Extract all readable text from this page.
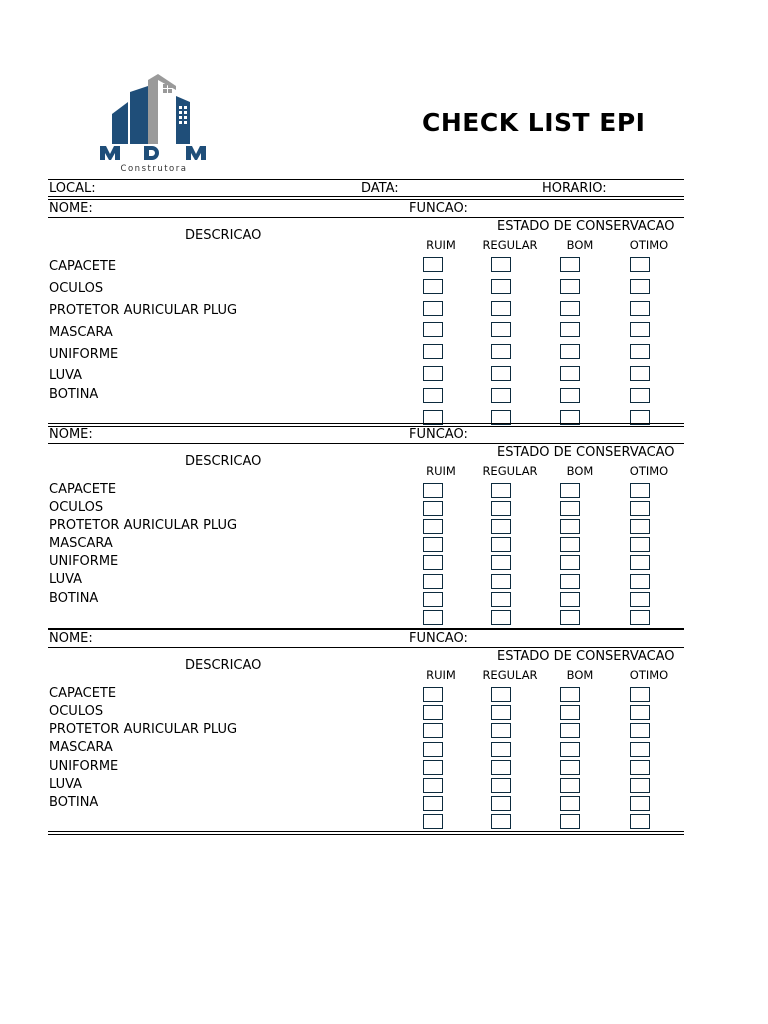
Construtora
CHECK LIST EPI
LOCAL:	DATA:	HORARIO:
NOME:	FUNCAO:
DESCRICAO
ESTADO DE CONSERVACAO
RUIM REGULAR	BOM	OTIMO
CAPACETE
OCULOS
PROTETOR AURICULAR PLUG
MASCARA
UNIFORME
LUVA
BOTINA
NOME:	FUNCAO:
DESCRICAO
ESTADO DE CONSERVACAO
RUIM REGULAR	BOM	OTIMO
CAPACETE
OCULOS
PROTETOR AURICULAR PLUG
MASCARA
UNIFORME
LUVA
BOTINA
NOME:	FUNCAO:
DESCRICAO
ESTADO DE CONSERVACAO
RUIM REGULAR	BOM	OTIMO
CAPACETE
OCULOS
PROTETOR AURICULAR PLUG
MASCARA
UNIFORME
LUVA
BOTINA
